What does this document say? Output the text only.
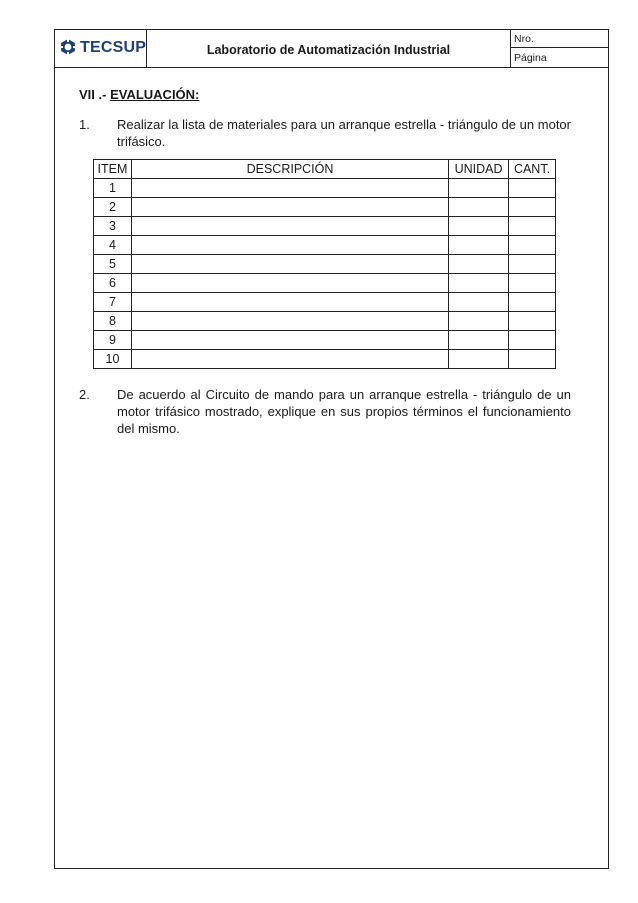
TECSUP	Laboratorio de Automatización Industrial
Nro.
Página
VII .- EVALUACIÓN:
1. Realizar la lista de materiales para un arranque estrella - triángulo de un motor trifásico.
ITEM	DESCRIPCIÓN	UNIDAD	CANT.
1			
2			
3			
4			
5			
6			
7			
8			
9			
10			
2. De acuerdo al Circuito de mando para un arranque estrella - triángulo de un motor trifásico mostrado, explique en sus propios términos el funcionamiento del mismo.
